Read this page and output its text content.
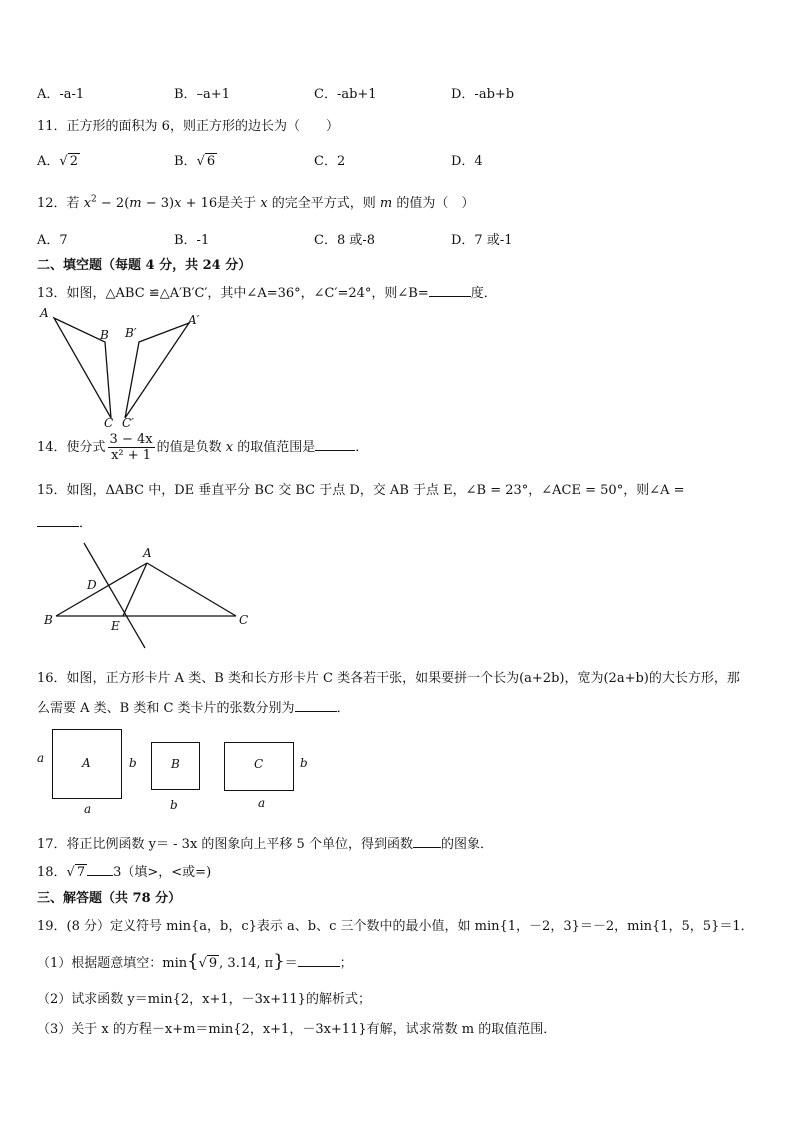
A．-a-1	B．–a+1	C．-ab+1	D．-ab+b
11．正方形的面积为 6，则正方形的边长为（　　）
A．√ 2	B．√ 6	C．2	D．4
12．若 $x^2 - 2(m - 3)x + 16$是关于 x 的完全平方式，则 m 的值为（　）
A．7	B．-1	C．8 或-8	D．7 或-1
二、填空题（每题 4 分，共 24 分）
13．如图，△ABC ≌△A′B′C′，其中∠A=36°，∠C′=24°，则∠B=	度．
A
B
C
B′
A′
C′
14．使分式 $\frac{3 - 4x}{\text{x² + 1}}$ 的值是负数 x 的取值范围是	．
15．如图，ΔABC 中，DE 垂直平分 BC 交 BC 于点 D，交 AB 于点 E，∠B = 23°，∠ACE = 50°，则∠A =
．
A
B	C
D
E
16．如图，正方形卡片 A 类、B 类和长方形卡片 C 类各若干张，如果要拼一个长为(a+2b)，宽为(2a+b)的大长方形，那
么需要 A 类、B 类和 C 类卡片的张数分别为	．
A
a	b
a
B
b
C	b
a
17．将正比例函数 y＝ - 3x 的图象向上平移 5 个单位，得到函数 的图象．
18．√ 7 3（填>，<或=)
三、解答题（共 78 分）
19．(8 分）定义符号 min{a，b，c}表示 a、b、c 三个数中的最小值，如 min{1，－2，3}＝－2，min{1，5，5}＝1．
（1）根据题意填空：min{√ 9 , 3.14, π}＝	；
（2）试求函数 y＝min{2，x+1，－3x+11}的解析式；
（3）关于 x 的方程－x+m＝min{2，x+1，－3x+11}有解，试求常数 m 的取值范围．
